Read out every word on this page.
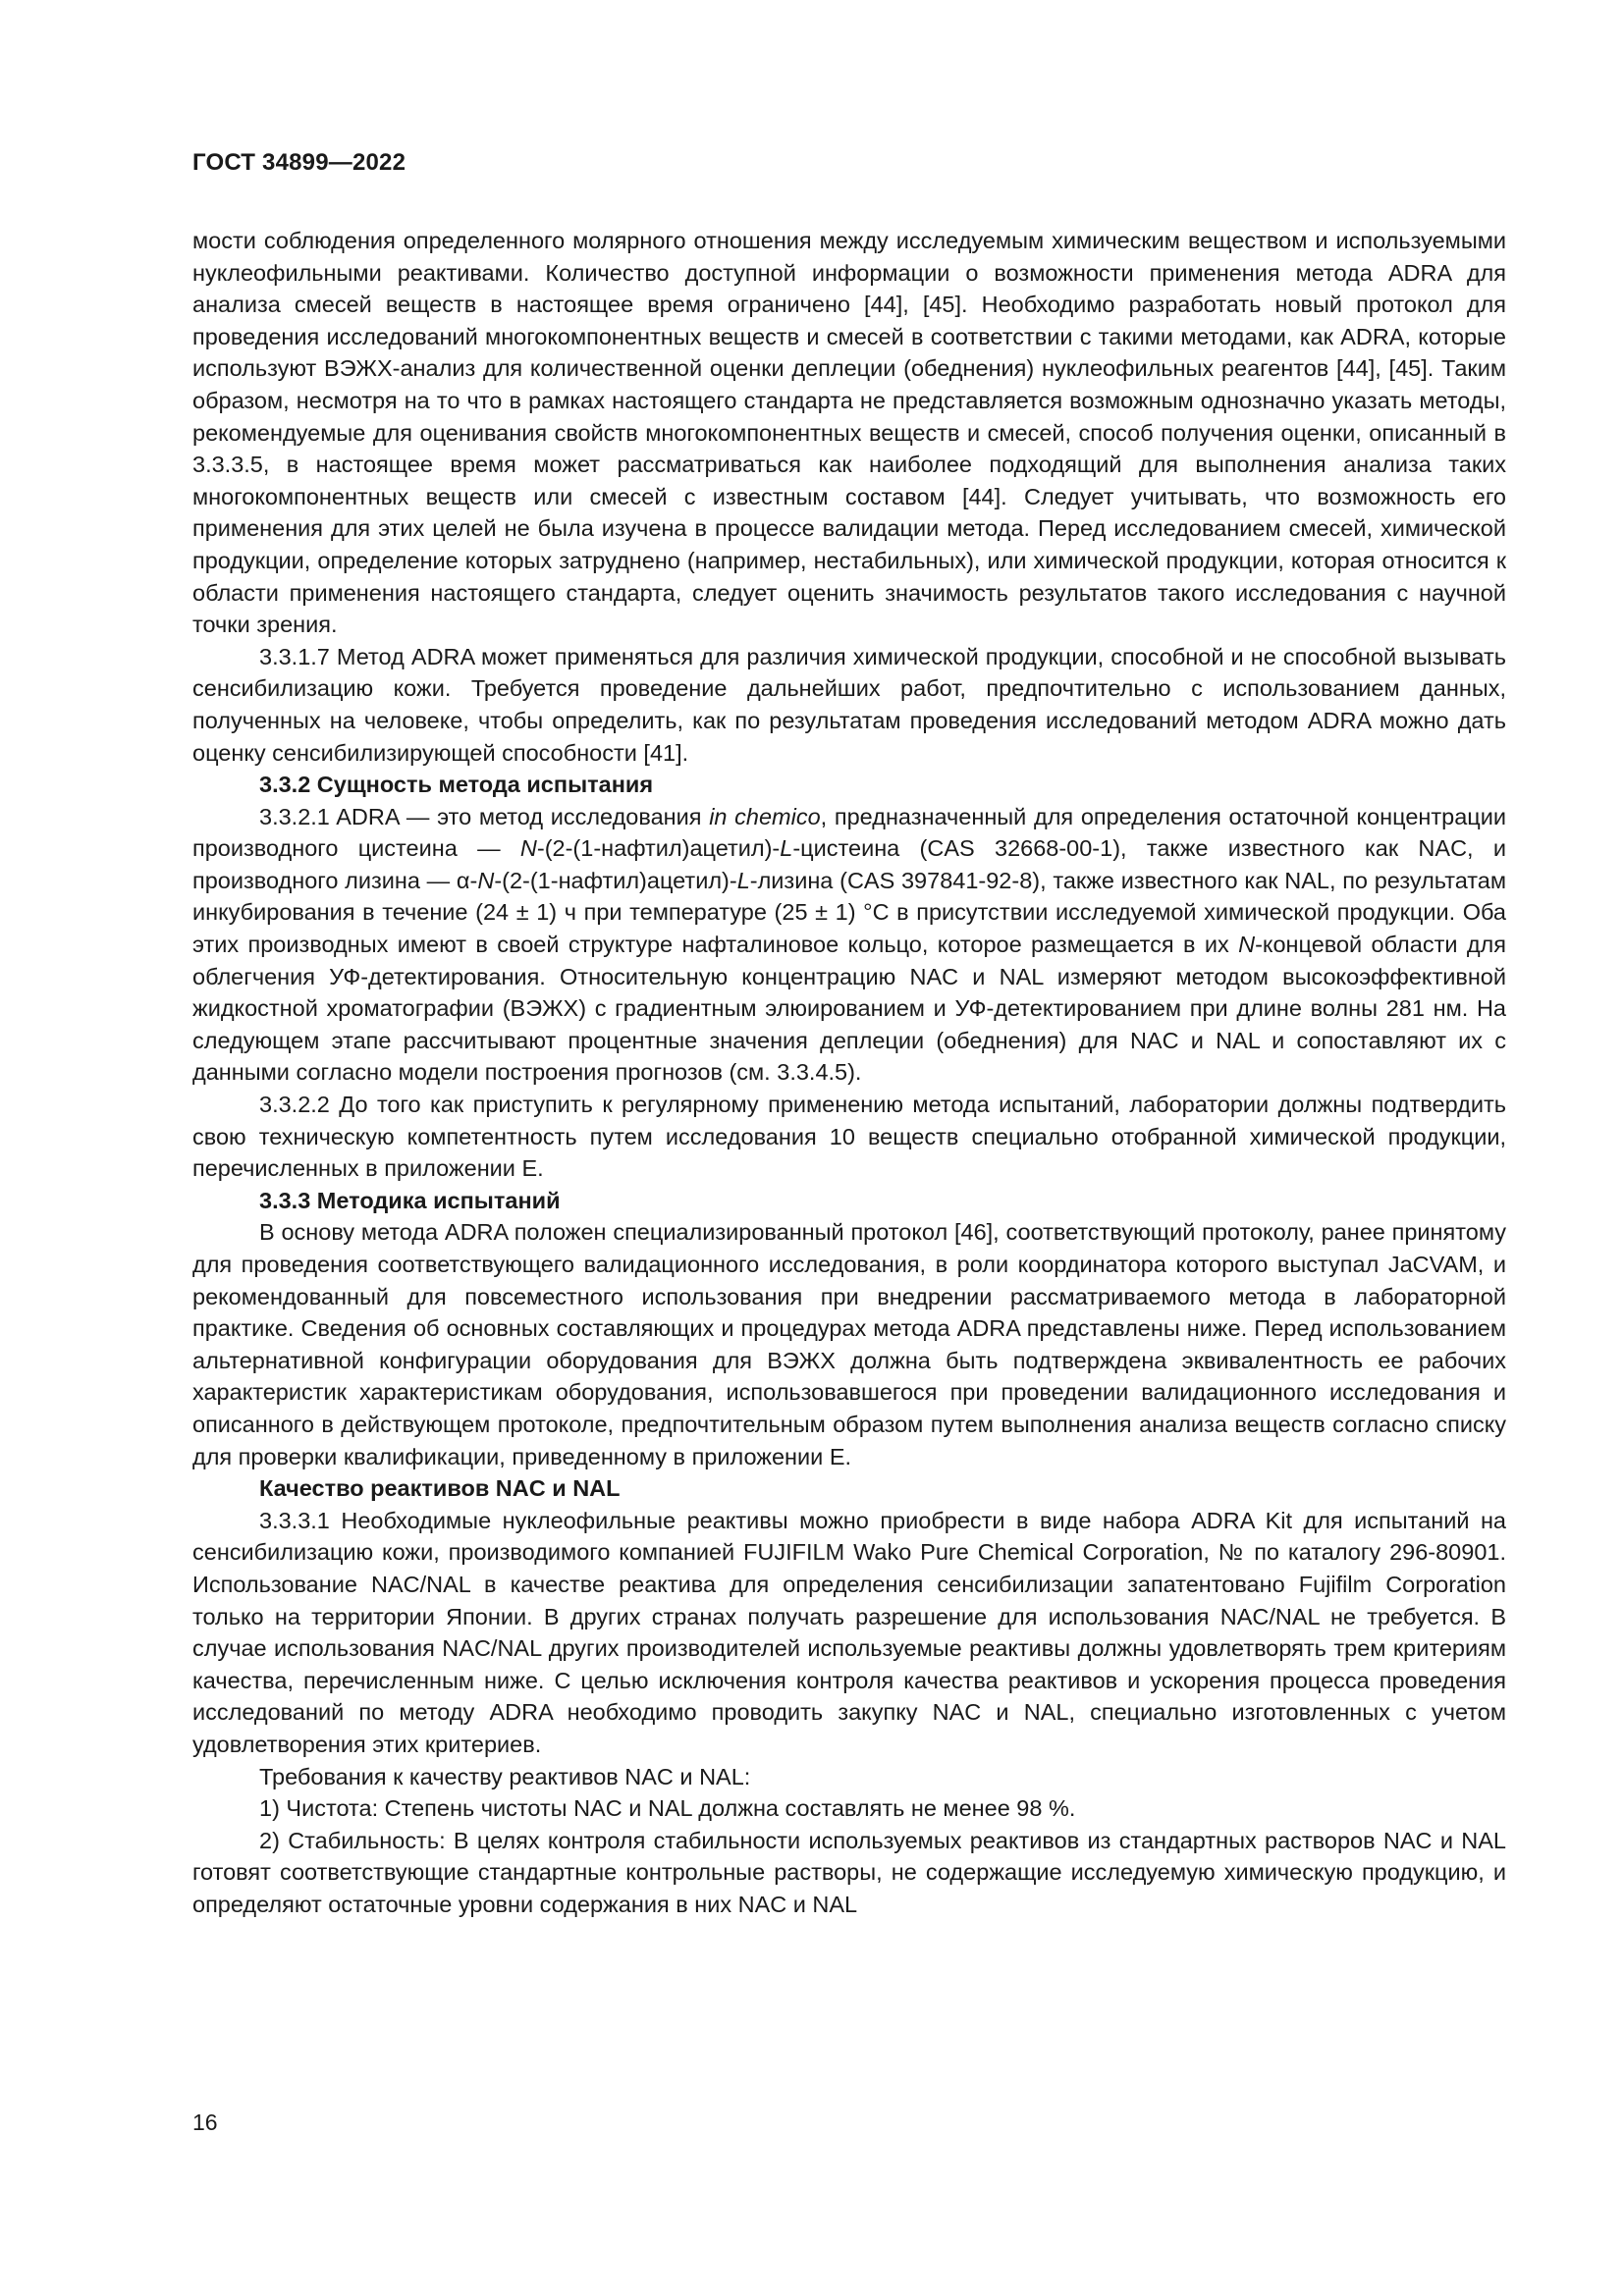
ГОСТ 34899—2022

мости соблюдения определенного молярного отношения между исследуемым химическим веществом и используемыми нуклеофильными реактивами. Количество доступной информации о возможности применения метода ADRA для анализа смесей веществ в настоящее время ограничено [44], [45]. Необходимо разработать новый протокол для проведения исследований многокомпонентных веществ и смесей в соответствии с такими методами, как ADRA, которые используют ВЭЖХ-анализ для количественной оценки деплеции (обеднения) нуклеофильных реагентов [44], [45]. Таким образом, несмотря на то что в рамках настоящего стандарта не представляется возможным однозначно указать методы, рекомендуемые для оценивания свойств многокомпонентных веществ и смесей, способ получения оценки, описанный в 3.3.3.5, в настоящее время может рассматриваться как наиболее подходящий для выполнения анализа таких многокомпонентных веществ или смесей с известным составом [44]. Следует учитывать, что возможность его применения для этих целей не была изучена в процессе валидации метода. Перед исследованием смесей, химической продукции, определение которых затруднено (например, нестабильных), или химической продукции, которая относится к области применения настоящего стандарта, следует оценить значимость результатов такого исследования с научной точки зрения.

3.3.1.7 Метод ADRA может применяться для различия химической продукции, способной и не способной вызывать сенсибилизацию кожи. Требуется проведение дальнейших работ, предпочтительно с использованием данных, полученных на человеке, чтобы определить, как по результатам проведения исследований методом ADRA можно дать оценку сенсибилизирующей способности [41].

3.3.2 Сущность метода испытания

3.3.2.1 ADRA — это метод исследования in chemico, предназначенный для определения остаточной концентрации производного цистеина — N-(2-(1-нафтил)ацетил)-L-цистеина (CAS 32668-00-1), также известного как NAC, и производного лизина — α-N-(2-(1-нафтил)ацетил)-L-лизина (CAS 397841-92-8), также известного как NAL, по результатам инкубирования в течение (24 ± 1) ч при температуре (25 ± 1) °С в присутствии исследуемой химической продукции. Оба этих производных имеют в своей структуре нафталиновое кольцо, которое размещается в их N-концевой области для облегчения УФ-детектирования. Относительную концентрацию NAC и NAL измеряют методом высокоэффективной жидкостной хроматографии (ВЭЖХ) с градиентным элюированием и УФ-детектированием при длине волны 281 нм. На следующем этапе рассчитывают процентные значения деплеции (обеднения) для NAC и NAL и сопоставляют их с данными согласно модели построения прогнозов (см. 3.3.4.5).

3.3.2.2 До того как приступить к регулярному применению метода испытаний, лаборатории должны подтвердить свою техническую компетентность путем исследования 10 веществ специально отобранной химической продукции, перечисленных в приложении Е.

3.3.3 Методика испытаний

В основу метода ADRA положен специализированный протокол [46], соответствующий протоколу, ранее принятому для проведения соответствующего валидационного исследования, в роли координатора которого выступал JaCVAM, и рекомендованный для повсеместного использования при внедрении рассматриваемого метода в лабораторной практике. Сведения об основных составляющих и процедурах метода ADRA представлены ниже. Перед использованием альтернативной конфигурации оборудования для ВЭЖХ должна быть подтверждена эквивалентность ее рабочих характеристик характеристикам оборудования, использовавшегося при проведении валидационного исследования и описанного в действующем протоколе, предпочтительным образом путем выполнения анализа веществ согласно списку для проверки квалификации, приведенному в приложении Е.

Качество реактивов NAC и NAL

3.3.3.1 Необходимые нуклеофильные реактивы можно приобрести в виде набора ADRA Kit для испытаний на сенсибилизацию кожи, производимого компанией FUJIFILM Wako Pure Chemical Corporation, № по каталогу 296-80901. Использование NAC/NAL в качестве реактива для определения сенсибилизации запатентовано Fujifilm Corporation только на территории Японии. В других странах получать разрешение для использования NAC/NAL не требуется. В случае использования NAC/NAL других производителей используемые реактивы должны удовлетворять трем критериям качества, перечисленным ниже. С целью исключения контроля качества реактивов и ускорения процесса проведения исследований по методу ADRA необходимо проводить закупку NAC и NAL, специально изготовленных с учетом удовлетворения этих критериев.

Требования к качеству реактивов NAC и NAL:

1) Чистота: Степень чистоты NAC и NAL должна составлять не менее 98 %.

2) Стабильность: В целях контроля стабильности используемых реактивов из стандартных растворов NAC и NAL готовят соответствующие стандартные контрольные растворы, не содержащие исследуемую химическую продукцию, и определяют остаточные уровни содержания в них NAC и NAL

16
